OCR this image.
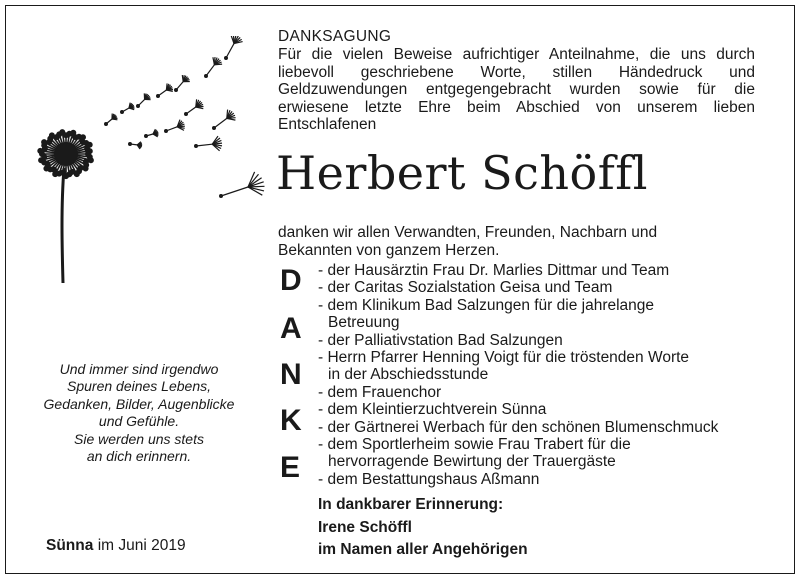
DANKSAGUNG
Für die vielen Beweise aufrichtiger Anteilnahme, die uns durch liebevoll geschriebene Worte, stillen Händedruck und Geldzuwendungen entgegengebracht wurden sowie für die erwiesene letzte Ehre beim Abschied von unserem lieben Entschlafenen
Herbert Schöffl
danken wir allen Verwandten, Freunden, Nachbarn und
Bekannten von ganzem Herzen.
D
A
N
K
E
- der Hausärztin Frau Dr. Marlies Dittmar und Team
- der Caritas Sozialstation Geisa und Team
- dem Klinikum Bad Salzungen für die jahrelange
Betreuung
- der Palliativstation Bad Salzungen
- Herrn Pfarrer Henning Voigt für die tröstenden Worte
in der Abschiedsstunde
- dem Frauenchor
- dem Kleintierzuchtverein Sünna
- der Gärtnerei Werbach für den schönen Blumenschmuck
- dem Sportlerheim sowie Frau Trabert für die
hervorragende Bewirtung der Trauergäste
- dem Bestattungshaus Aßmann
In dankbarer Erinnerung:
Irene Schöffl
im Namen aller Angehörigen
Und immer sind irgendwo
Spuren deines Lebens,
Gedanken, Bilder, Augenblicke
und Gefühle.
Sie werden uns stets
an dich erinnern.
Sünna im Juni 2019
